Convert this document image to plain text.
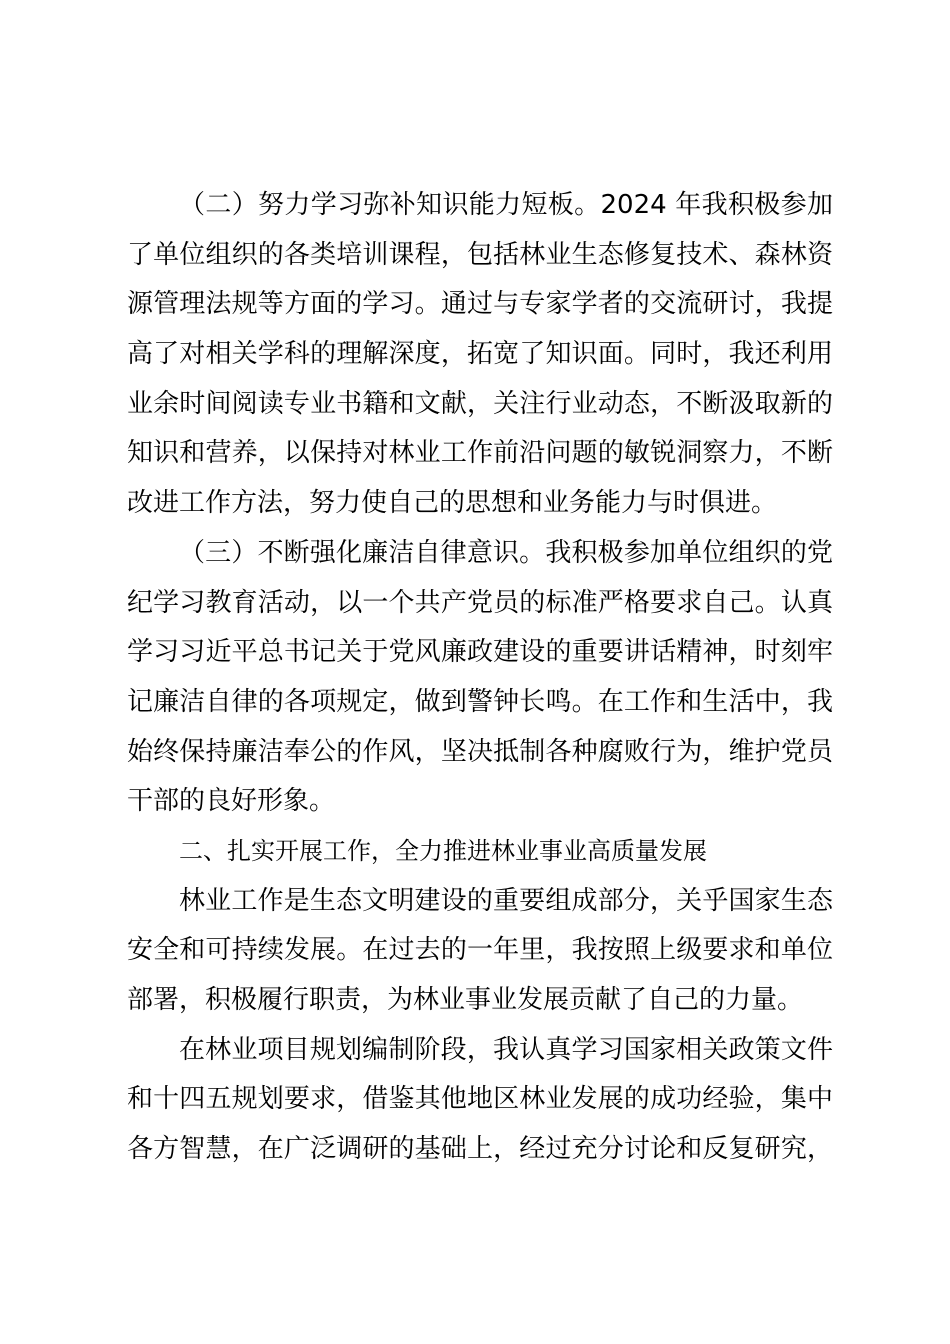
（二）努力学习弥补知识能力短板。2024 年我积极参加
了单位组织的各类培训课程，包括林业生态修复技术、森林资
源管理法规等方面的学习。通过与专家学者的交流研讨，我提
高了对相关学科的理解深度，拓宽了知识面。同时，我还利用
业余时间阅读专业书籍和文献，关注行业动态，不断汲取新的
知识和营养，以保持对林业工作前沿问题的敏锐洞察力，不断
改进工作方法，努力使自己的思想和业务能力与时俱进。
（三）不断强化廉洁自律意识。我积极参加单位组织的党
纪学习教育活动，以一个共产党员的标准严格要求自己。认真
学习习近平总书记关于党风廉政建设的重要讲话精神，时刻牢
记廉洁自律的各项规定，做到警钟长鸣。在工作和生活中，我
始终保持廉洁奉公的作风，坚决抵制各种腐败行为，维护党员
干部的良好形象。
二、扎实开展工作，全力推进林业事业高质量发展
林业工作是生态文明建设的重要组成部分，关乎国家生态
安全和可持续发展。在过去的一年里，我按照上级要求和单位
部署，积极履行职责，为林业事业发展贡献了自己的力量。
在林业项目规划编制阶段，我认真学习国家相关政策文件
和十四五规划要求，借鉴其他地区林业发展的成功经验，集中
各方智慧，在广泛调研的基础上，经过充分讨论和反复研究，
